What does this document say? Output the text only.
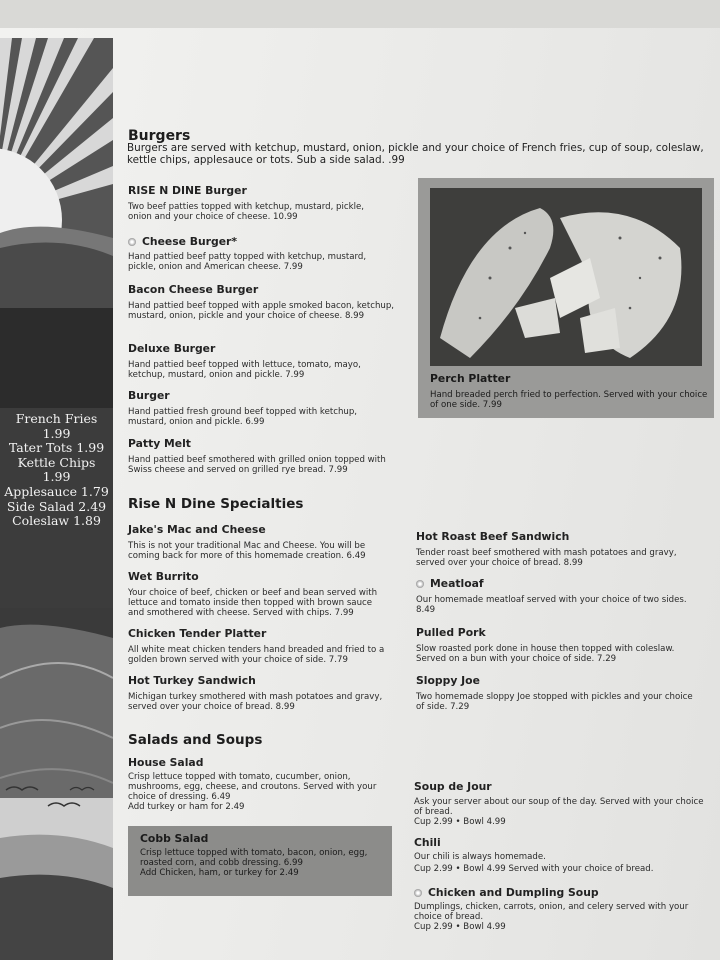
French Fries
1.99
Tater Tots 1.99
Kettle Chips
1.99
Applesauce 1.79
Side Salad 2.49
Coleslaw 1.89
Burgers
Burgers are served with ketchup, mustard, onion, pickle and your choice of French fries, cup of soup, coleslaw, kettle chips, applesauce or tots. Sub a side salad. .99
RISE N DINE Burger
Two beef patties topped with ketchup, mustard, pickle, onion and your choice of cheese. 10.99
Cheese Burger*
Hand pattied beef patty topped with ketchup, mustard, pickle, onion and American cheese. 7.99
Bacon Cheese Burger
Hand pattied beef topped with apple smoked bacon, ketchup, mustard, onion, pickle and your choice of cheese. 8.99
Deluxe Burger
Hand pattied beef topped with lettuce, tomato, mayo, ketchup, mustard, onion and pickle. 7.99
Burger
Hand pattied fresh ground beef topped with ketchup, mustard, onion and pickle. 6.99
Patty Melt
Hand pattied beef smothered with grilled onion topped with Swiss cheese and served on grilled rye bread. 7.99
Perch Platter
Hand breaded perch fried to perfection. Served with your choice of one side. 7.99
Rise N Dine Specialties
Jake's Mac and Cheese
This is not your traditional Mac and Cheese. You will be coming back for more of this homemade creation. 6.49
Wet Burrito
Your choice of beef, chicken or beef and bean served with lettuce and tomato inside then topped with brown sauce and smothered with cheese. Served with chips. 7.99
Chicken Tender Platter
All white meat chicken tenders hand breaded and fried to a golden brown served with your choice of side. 7.79
Hot Turkey Sandwich
Michigan turkey smothered with mash potatoes and gravy, served over your choice of bread. 8.99
Hot Roast Beef Sandwich
Tender roast beef smothered with mash potatoes and gravy, served over your choice of bread. 8.99
Meatloaf
Our homemade meatloaf served with your choice of two sides. 8.49
Pulled Pork
Slow roasted pork done in house then topped with coleslaw. Served on a bun with your choice of side. 7.29
Sloppy Joe
Two homemade sloppy Joe stopped with pickles and your choice of side. 7.29
Salads and Soups
House Salad
Crisp lettuce topped with tomato, cucumber, onion, mushrooms, egg, cheese, and croutons. Served with your choice of dressing. 6.49
Add turkey or ham for 2.49
Cobb Salad
Crisp lettuce topped with tomato, bacon, onion, egg, roasted corn, and cobb dressing. 6.99
Add Chicken, ham, or turkey for 2.49
Soup de Jour
Ask your server about our soup of the day. Served with your choice of bread.
Cup 2.99 • Bowl 4.99
Chili
Our chili is always homemade.
Cup 2.99 • Bowl 4.99 Served with your choice of bread.
Chicken and Dumpling Soup
Dumplings, chicken, carrots, onion, and celery served with your choice of bread.
Cup 2.99 • Bowl 4.99
